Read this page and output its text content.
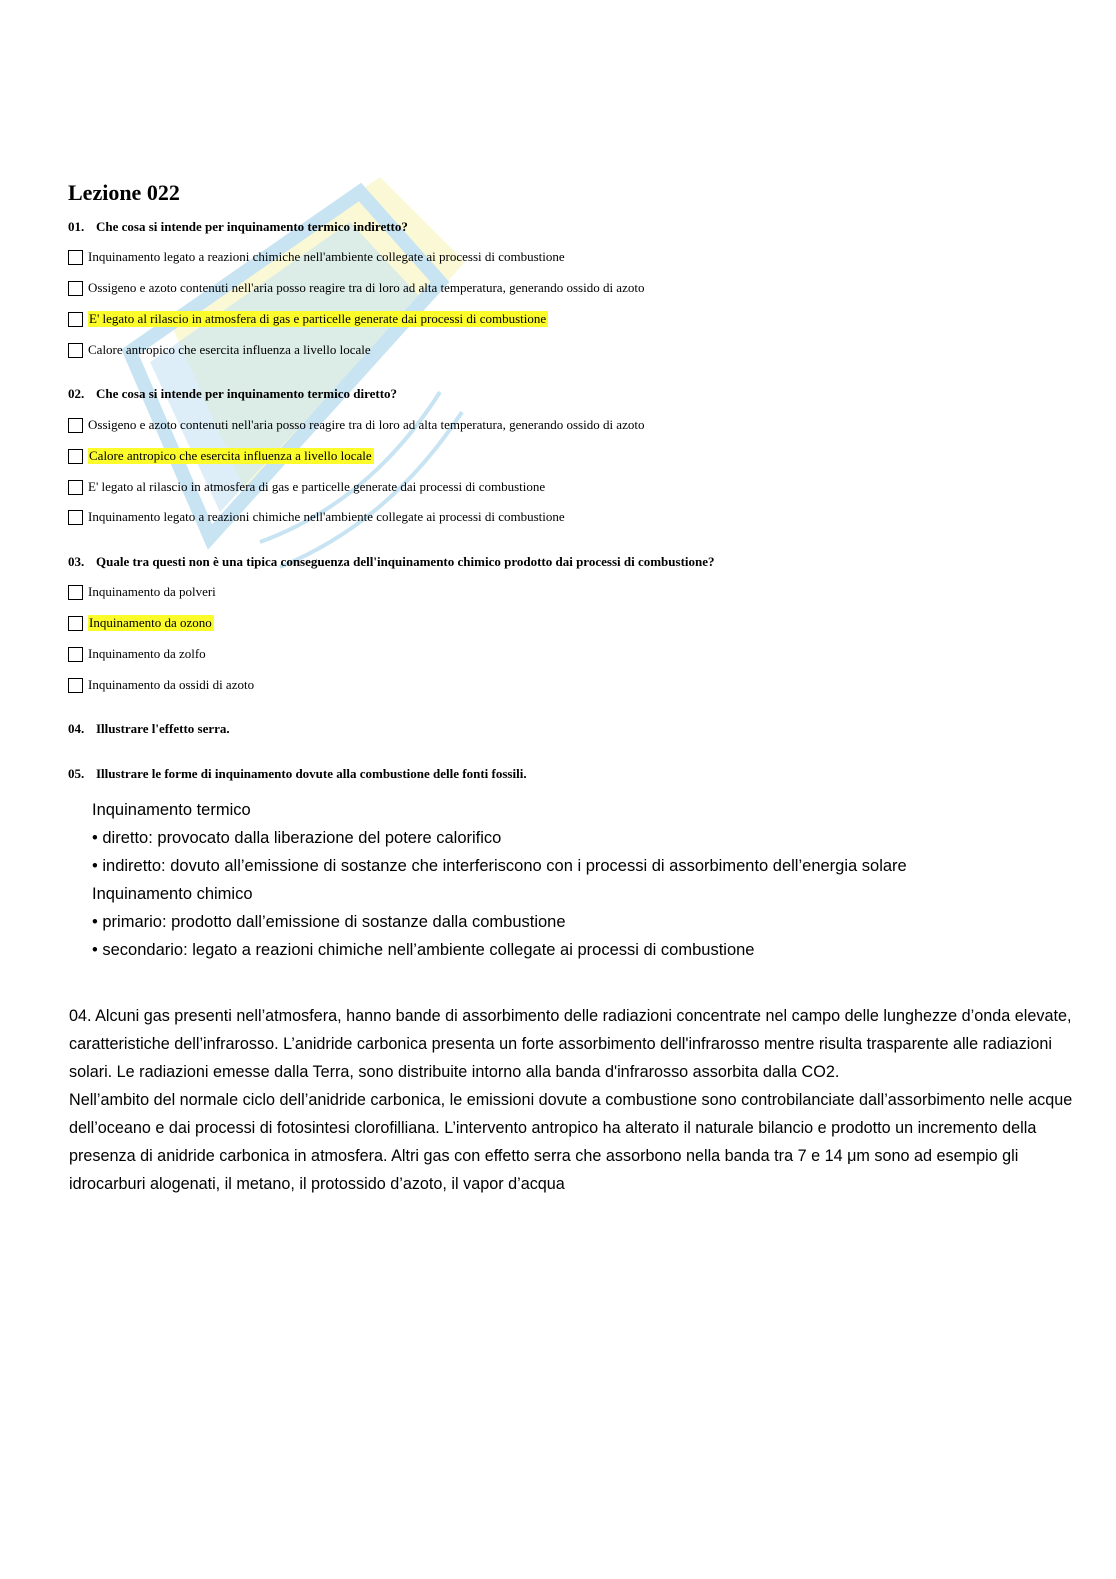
Lezione 022
01. Che cosa si intende per inquinamento termico indiretto?
Inquinamento legato a reazioni chimiche nell'ambiente collegate ai processi di combustione
Ossigeno e azoto contenuti nell'aria posso reagire tra di loro ad alta temperatura, generando ossido di azoto
E' legato al rilascio in atmosfera di gas e particelle generate dai processi di combustione
Calore antropico che esercita influenza a livello locale
02. Che cosa si intende per inquinamento termico diretto?
Ossigeno e azoto contenuti nell'aria posso reagire tra di loro ad alta temperatura, generando ossido di azoto
Calore antropico che esercita influenza a livello locale
E' legato al rilascio in atmosfera di gas e particelle generate dai processi di combustione
Inquinamento legato a reazioni chimiche nell'ambiente collegate ai processi di combustione
03. Quale tra questi non è una tipica conseguenza dell'inquinamento chimico prodotto dai processi di combustione?
Inquinamento da polveri
Inquinamento da ozono
Inquinamento da zolfo
Inquinamento da ossidi di azoto
04. Illustrare l'effetto serra.
05. Illustrare le forme di inquinamento dovute alla combustione delle fonti fossili.
Inquinamento termico
• diretto: provocato dalla liberazione del potere calorifico
• indiretto: dovuto all’emissione di sostanze che interferiscono con i processi di assorbimento dell’energia solare
Inquinamento chimico
• primario: prodotto dall’emissione di sostanze dalla combustione
• secondario: legato a reazioni chimiche nell’ambiente collegate ai processi di combustione
04. Alcuni gas presenti nell’atmosfera, hanno bande di assorbimento delle radiazioni concentrate nel campo delle lunghezze d’onda elevate, caratteristiche dell’infrarosso. L’anidride carbonica presenta un forte assorbimento dell'infrarosso mentre risulta trasparente alle radiazioni solari. Le radiazioni emesse dalla Terra, sono distribuite intorno alla banda d'infrarosso assorbita dalla CO2.
Nell’ambito del normale ciclo dell’anidride carbonica, le emissioni dovute a combustione sono controbilanciate dall’assorbimento nelle acque dell’oceano e dai processi di fotosintesi clorofilliana. L’intervento antropico ha alterato il naturale bilancio e prodotto un incremento della presenza di anidride carbonica in atmosfera. Altri gas con effetto serra che assorbono nella banda tra 7 e 14 μm sono ad esempio gli idrocarburi alogenati, il metano, il protossido d’azoto, il vapor d’acqua
